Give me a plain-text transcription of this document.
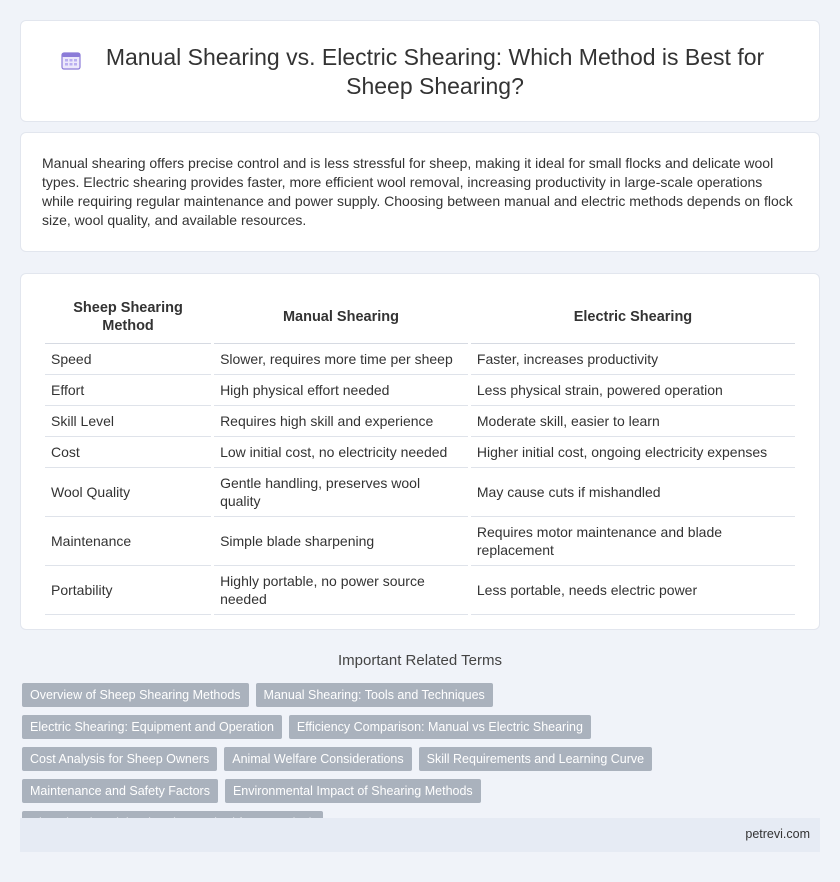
Manual Shearing vs. Electric Shearing: Which Method is Best for Sheep Shearing?

Manual shearing offers precise control and is less stressful for sheep, making it ideal for small flocks and delicate wool types. Electric shearing provides faster, more efficient wool removal, increasing productivity in large-scale operations while requiring regular maintenance and power supply. Choosing between manual and electric methods depends on flock size, wool quality, and available resources.

Sheep Shearing Method	Manual Shearing	Electric Shearing
Speed	Slower, requires more time per sheep	Faster, increases productivity
Effort	High physical effort needed	Less physical strain, powered operation
Skill Level	Requires high skill and experience	Moderate skill, easier to learn
Cost	Low initial cost, no electricity needed	Higher initial cost, ongoing electricity expenses
Wool Quality	Gentle handling, preserves wool quality	May cause cuts if mishandled
Maintenance	Simple blade sharpening	Requires motor maintenance and blade replacement
Portability	Highly portable, no power source needed	Less portable, needs electric power
Important Related Terms
Overview of Sheep Shearing Methods	Manual Shearing: Tools and Techniques
Electric Shearing: Equipment and Operation	Efficiency Comparison: Manual vs Electric Shearing
Cost Analysis for Sheep Owners	Animal Welfare Considerations	Skill Requirements and Learning Curve
Maintenance and Safety Factors	Environmental Impact of Shearing Methods
petrevi.com
